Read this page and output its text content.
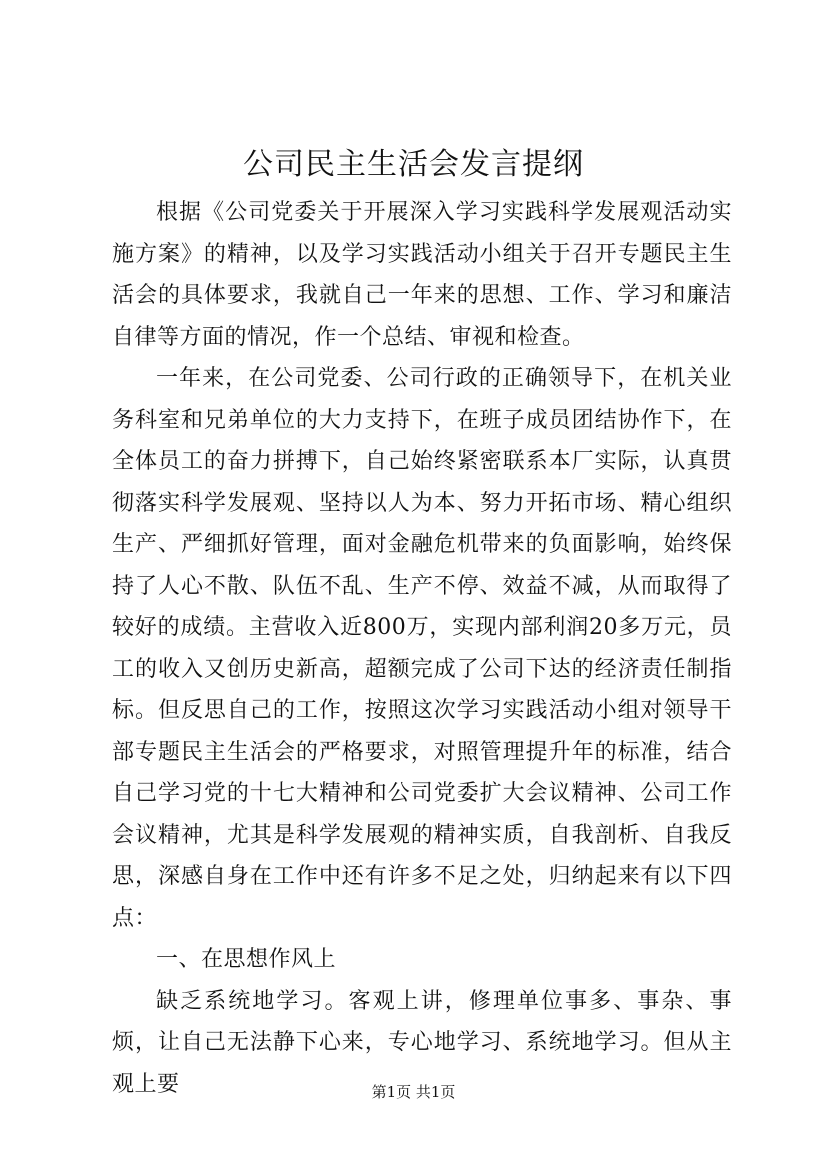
公司民主生活会发言提纲

根据《公司党委关于开展深入学习实践科学发展观活动实施方案》的精神，以及学习实践活动小组关于召开专题民主生活会的具体要求，我就自己一年来的思想、工作、学习和廉洁自律等方面的情况，作一个总结、审视和检查。

一年来，在公司党委、公司行政的正确领导下，在机关业务科室和兄弟单位的大力支持下，在班子成员团结协作下，在全体员工的奋力拼搏下，自己始终紧密联系本厂实际，认真贯彻落实科学发展观、坚持以人为本、努力开拓市场、精心组织生产、严细抓好管理，面对金融危机带来的负面影响，始终保持了人心不散、队伍不乱、生产不停、效益不减，从而取得了较好的成绩。主营收入近800万，实现内部利润20多万元，员工的收入又创历史新高，超额完成了公司下达的经济责任制指标。但反思自己的工作，按照这次学习实践活动小组对领导干部专题民主生活会的严格要求，对照管理提升年的标准，结合自己学习党的十七大精神和公司党委扩大会议精神、公司工作会议精神，尤其是科学发展观的精神实质，自我剖析、自我反思，深感自身在工作中还有许多不足之处，归纳起来有以下四点：

一、在思想作风上

缺乏系统地学习。客观上讲，修理单位事多、事杂、事烦，让自己无法静下心来，专心地学习、系统地学习。但从主观上要	第1页 共1页
